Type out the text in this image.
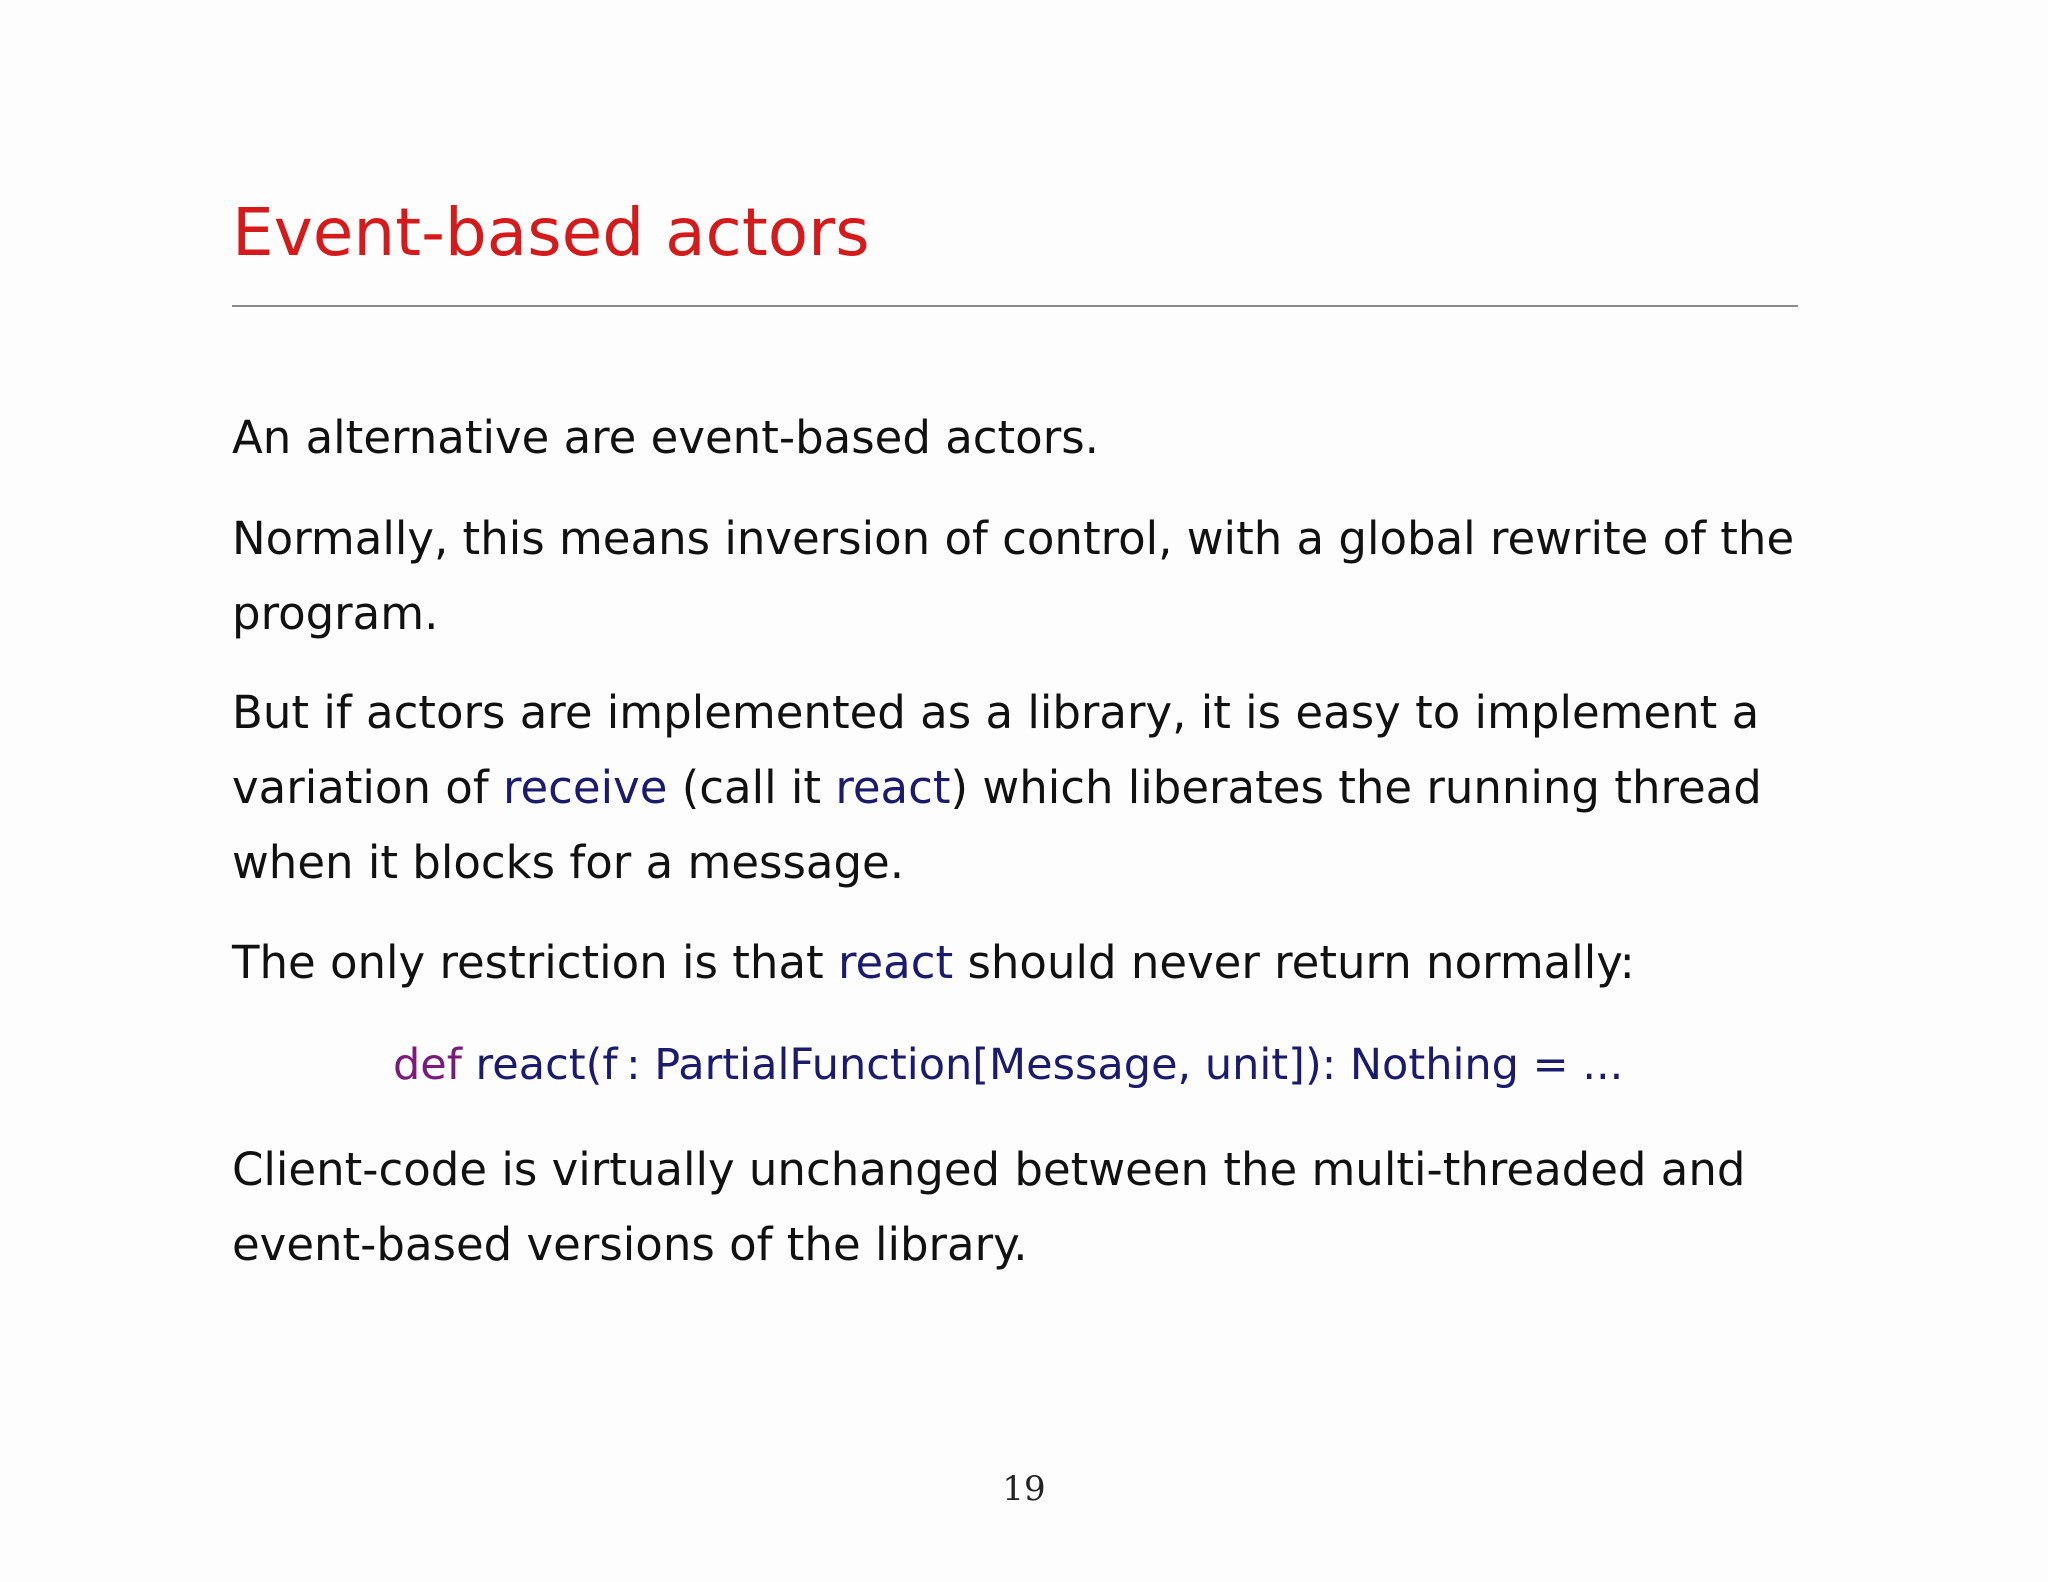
Event-based actors

An alternative are event-based actors.

Normally, this means inversion of control, with a global rewrite of the

program.

But if actors are implemented as a library, it is easy to implement a

variation of receive (call it react) which liberates the running thread

when it blocks for a message.

The only restriction is that react should never return normally:

def react(f : PartialFunction[Message, unit]): Nothing = ...

Client-code is virtually unchanged between the multi-threaded and

event-based versions of the library.

19
